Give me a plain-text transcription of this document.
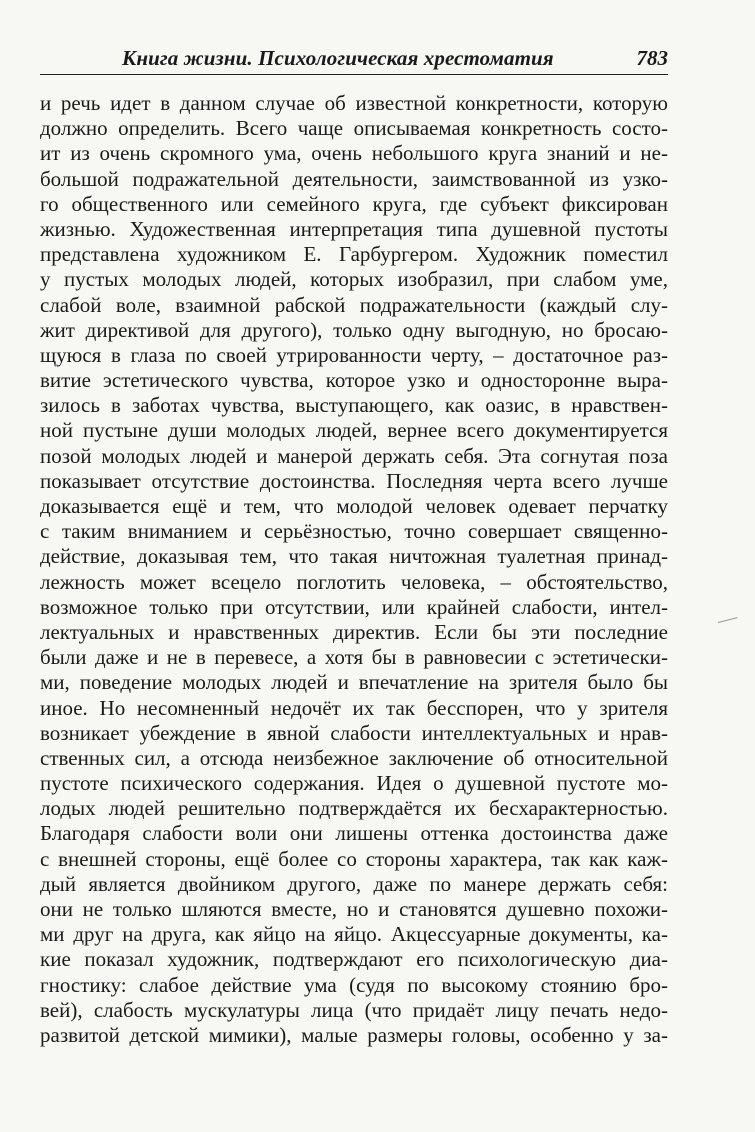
Книга жизни. Психологическая хрестоматия	783
и речь идет в данном случае об известной конкретности, которую
должно определить. Всего чаще описываемая конкретность состо-
ит из очень скромного ума, очень небольшого круга знаний и не-
большой подражательной деятельности, заимствованной из узко-
го общественного или семейного круга, где субъект фиксирован
жизнью. Художественная интерпретация типа душевной пустоты
представлена художником Е. Гарбургером. Художник поместил
у пустых молодых людей, которых изобразил, при слабом уме,
слабой воле, взаимной рабской подражательности (каждый слу-
жит директивой для другого), только одну выгодную, но бросаю-
щуюся в глаза по своей утрированности черту, – достаточное раз-
витие эстетического чувства, которое узко и односторонне выра-
зилось в заботах чувства, выступающего, как оазис, в нравствен-
ной пустыне души молодых людей, вернее всего документируется
позой молодых людей и манерой держать себя. Эта согнутая поза
показывает отсутствие достоинства. Последняя черта всего лучше
доказывается ещё и тем, что молодой человек одевает перчатку
с таким вниманием и серьёзностью, точно совершает священно-
действие, доказывая тем, что такая ничтожная туалетная принад-
лежность может всецело поглотить человека, – обстоятельство,
возможное только при отсутствии, или крайней слабости, интел-
лектуальных и нравственных директив. Если бы эти последние
были даже и не в перевесе, а хотя бы в равновесии с эстетически-
ми, поведение молодых людей и впечатление на зрителя было бы
иное. Но несомненный недочёт их так бесспорен, что у зрителя
возникает убеждение в явной слабости интеллектуальных и нрав-
ственных сил, а отсюда неизбежное заключение об относительной
пустоте психического содержания. Идея о душевной пустоте мо-
лодых людей решительно подтверждаётся их бесхарактерностью.
Благодаря слабости воли они лишены оттенка достоинства даже
с внешней стороны, ещё более со стороны характера, так как каж-
дый является двойником другого, даже по манере держать себя:
они не только шляются вместе, но и становятся душевно похожи-
ми друг на друга, как яйцо на яйцо. Акцессуарные документы, ка-
кие показал художник, подтверждают его психологическую диа-
гностику: слабое действие ума (судя по высокому стоянию бро-
вей), слабость мускулатуры лица (что придаёт лицу печать недо-
развитой детской мимики), малые размеры головы, особенно у за-
